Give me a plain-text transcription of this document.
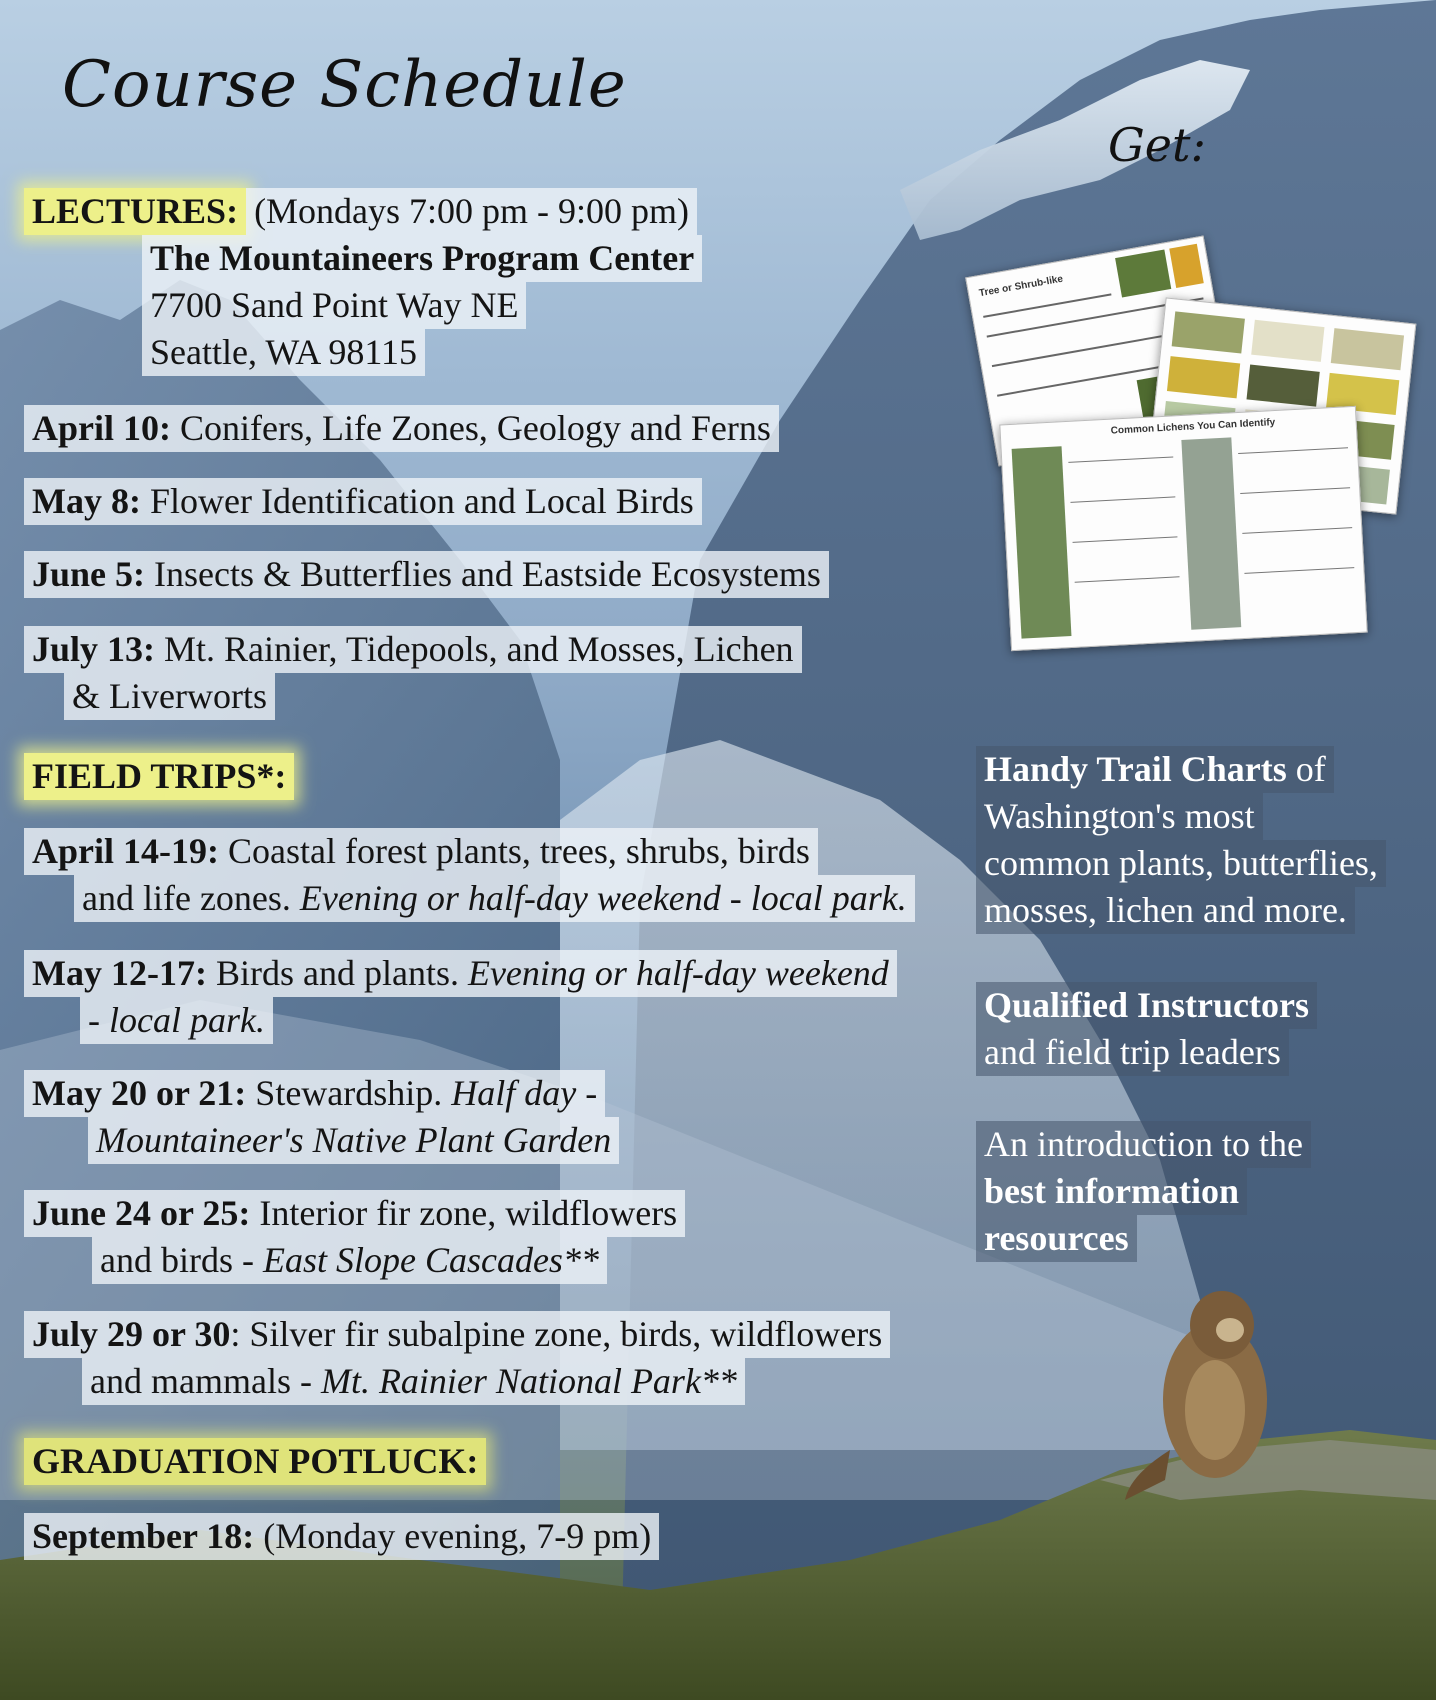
Course Schedule
Get:
Tree or Shrub-like
Common Lichens You Can Identify
LECTURES:(Mondays 7:00 pm - 9:00 pm)
The Mountaineers Program Center
7700 Sand Point Way NE
Seattle, WA 98115
April 10: Conifers, Life Zones, Geology and Ferns
May 8: Flower Identification and Local Birds
June 5: Insects & Butterflies and Eastside Ecosystems
July 13: Mt. Rainier, Tidepools, and Mosses, Lichen
& Liverworts
FIELD TRIPS*:
April 14-19: Coastal forest plants, trees, shrubs, birds
and life zones. Evening or half-day weekend - local park.
May 12-17: Birds and plants. Evening or half-day weekend
- local park.
May 20 or 21: Stewardship. Half day -
Mountaineer's Native Plant Garden
June 24 or 25: Interior fir zone, wildflowers
and birds - East Slope Cascades**
July 29 or 30: Silver fir subalpine zone, birds, wildflowers
and mammals - Mt. Rainier National Park**
GRADUATION POTLUCK:
September 18: (Monday evening, 7-9 pm)
Handy Trail Charts of
Washington's most
common plants, butterflies,
mosses, lichen and more.
Qualified Instructors
and field trip leaders
An introduction to the
best information
resources
